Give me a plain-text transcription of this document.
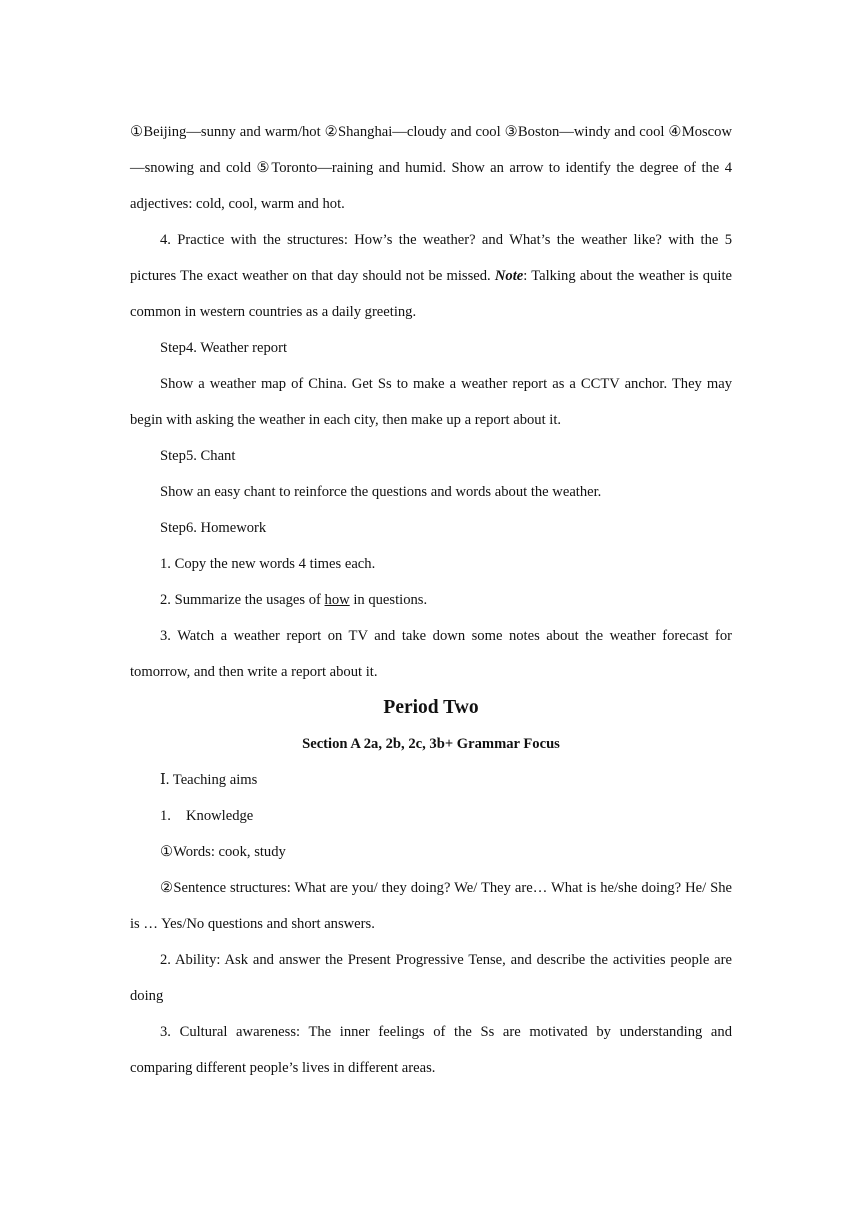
①Beijing—sunny and warm/hot ②Shanghai—cloudy and cool ③Boston—windy and cool ④Moscow—snowing and cold ⑤Toronto—raining and humid. Show an arrow to identify the degree of the 4 adjectives: cold, cool, warm and hot.

4. Practice with the structures: How’s the weather? and What’s the weather like? with the 5 pictures The exact weather on that day should not be missed. Note: Talking about the weather is quite common in western countries as a daily greeting.

Step4. Weather report

Show a weather map of China. Get Ss to make a weather report as a CCTV anchor. They may begin with asking the weather in each city, then make up a report about it.

Step5. Chant

Show an easy chant to reinforce the questions and words about the weather.

Step6. Homework

1. Copy the new words 4 times each.

2. Summarize the usages of how in questions.

3. Watch a weather report on TV and take down some notes about the weather forecast for tomorrow, and then write a report about it.

Period Two

Section A 2a, 2b, 2c, 3b+ Grammar Focus

Ⅰ. Teaching aims

1. Knowledge

①Words: cook, study

②Sentence structures: What are you/ they doing? We/ They are… What is he/she doing? He/ She is … Yes/No questions and short answers.

2. Ability: Ask and answer the Present Progressive Tense, and describe the activities people are doing

3. Cultural awareness: The inner feelings of the Ss are motivated by understanding and comparing different people’s lives in different areas.
